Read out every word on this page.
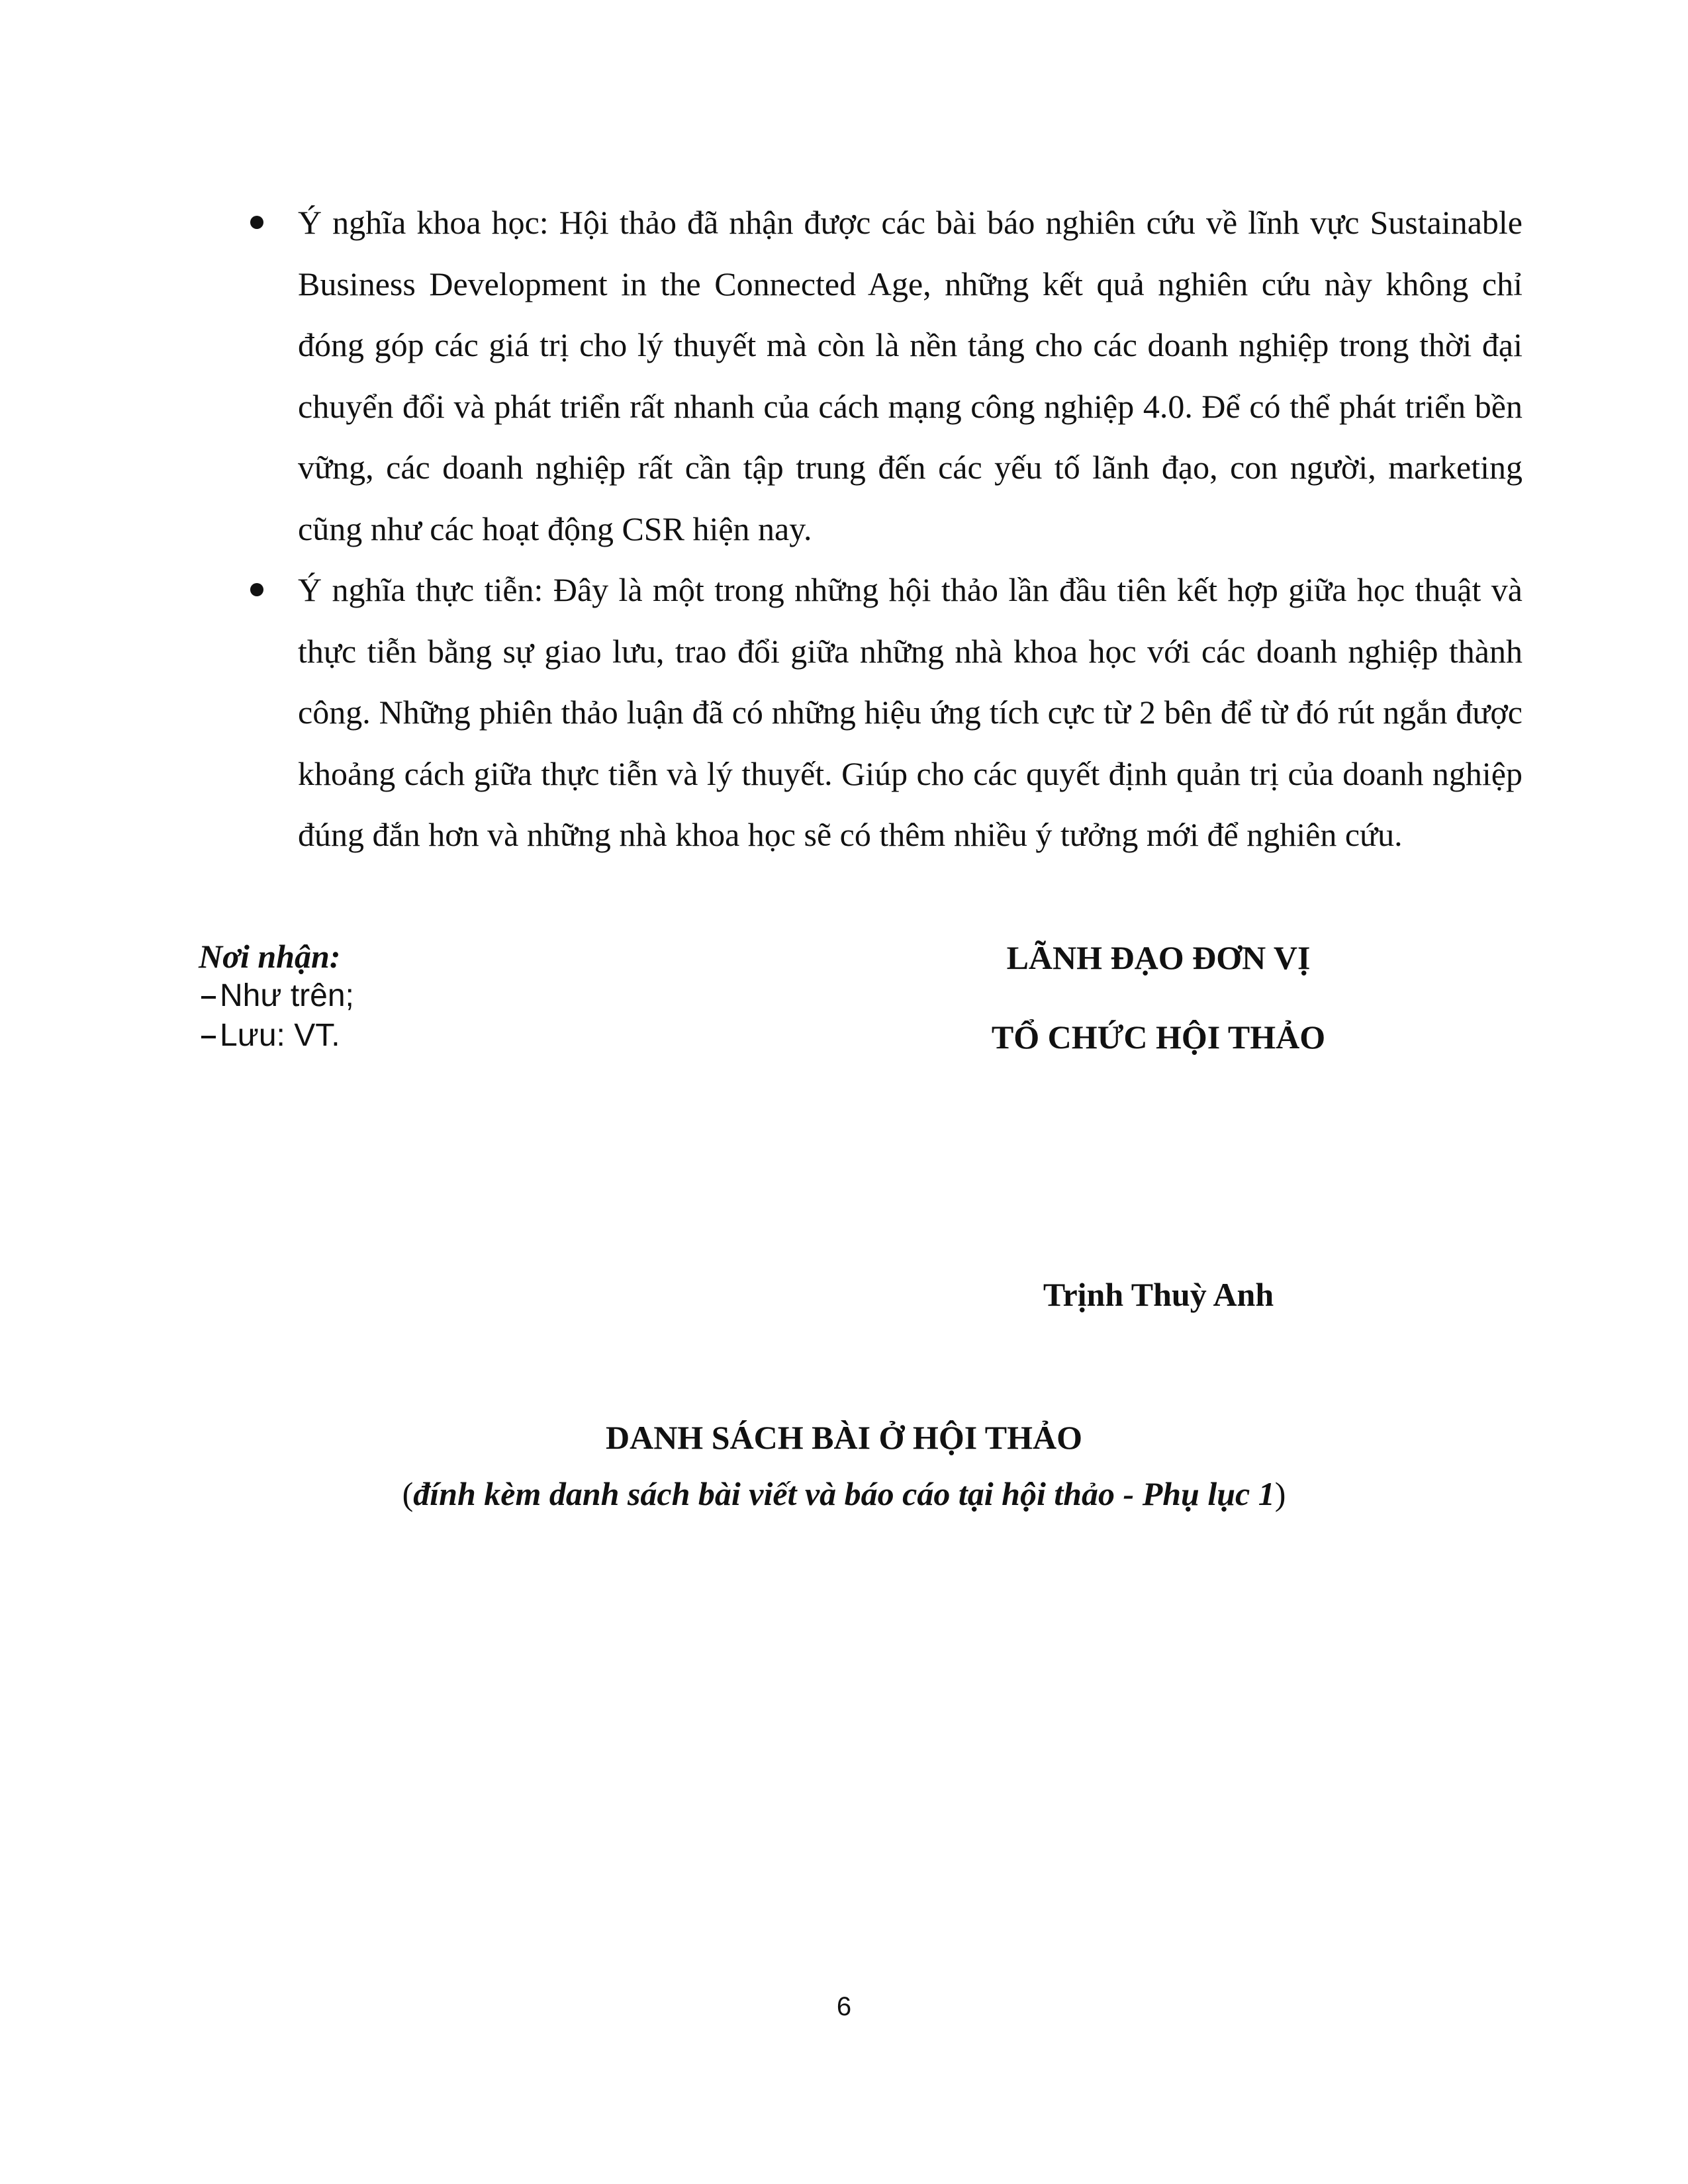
Ý nghĩa khoa học: Hội thảo đã nhận được các bài báo nghiên cứu về lĩnh vực Sustainable Business Development in the Connected Age, những kết quả nghiên cứu này không chỉ đóng góp các giá trị cho lý thuyết mà còn là nền tảng cho các doanh nghiệp trong thời đại chuyển đổi và phát triển rất nhanh của cách mạng công nghiệp 4.0. Để có thể phát triển bền vững, các doanh nghiệp rất cần tập trung đến các yếu tố lãnh đạo, con người, marketing cũng như các hoạt động CSR hiện nay.
Ý nghĩa thực tiễn: Đây là một trong những hội thảo lần đầu tiên kết hợp giữa học thuật và thực tiễn bằng sự giao lưu, trao đổi giữa những nhà khoa học với các doanh nghiệp thành công. Những phiên thảo luận đã có những hiệu ứng tích cực từ 2 bên để từ đó rút ngắn được khoảng cách giữa thực tiễn và lý thuyết. Giúp cho các quyết định quản trị của doanh nghiệp đúng đắn hơn và những nhà khoa học sẽ có thêm nhiều ý tưởng mới để nghiên cứu.
Nơi nhận:
Như trên;
Lưu: VT.
LÃNH ĐẠO ĐƠN VỊ
TỔ CHỨC HỘI THẢO
Trịnh Thuỳ Anh
DANH SÁCH BÀI Ở HỘI THẢO
(đính kèm danh sách bài viết và báo cáo tại hội thảo - Phụ lục 1)
6
